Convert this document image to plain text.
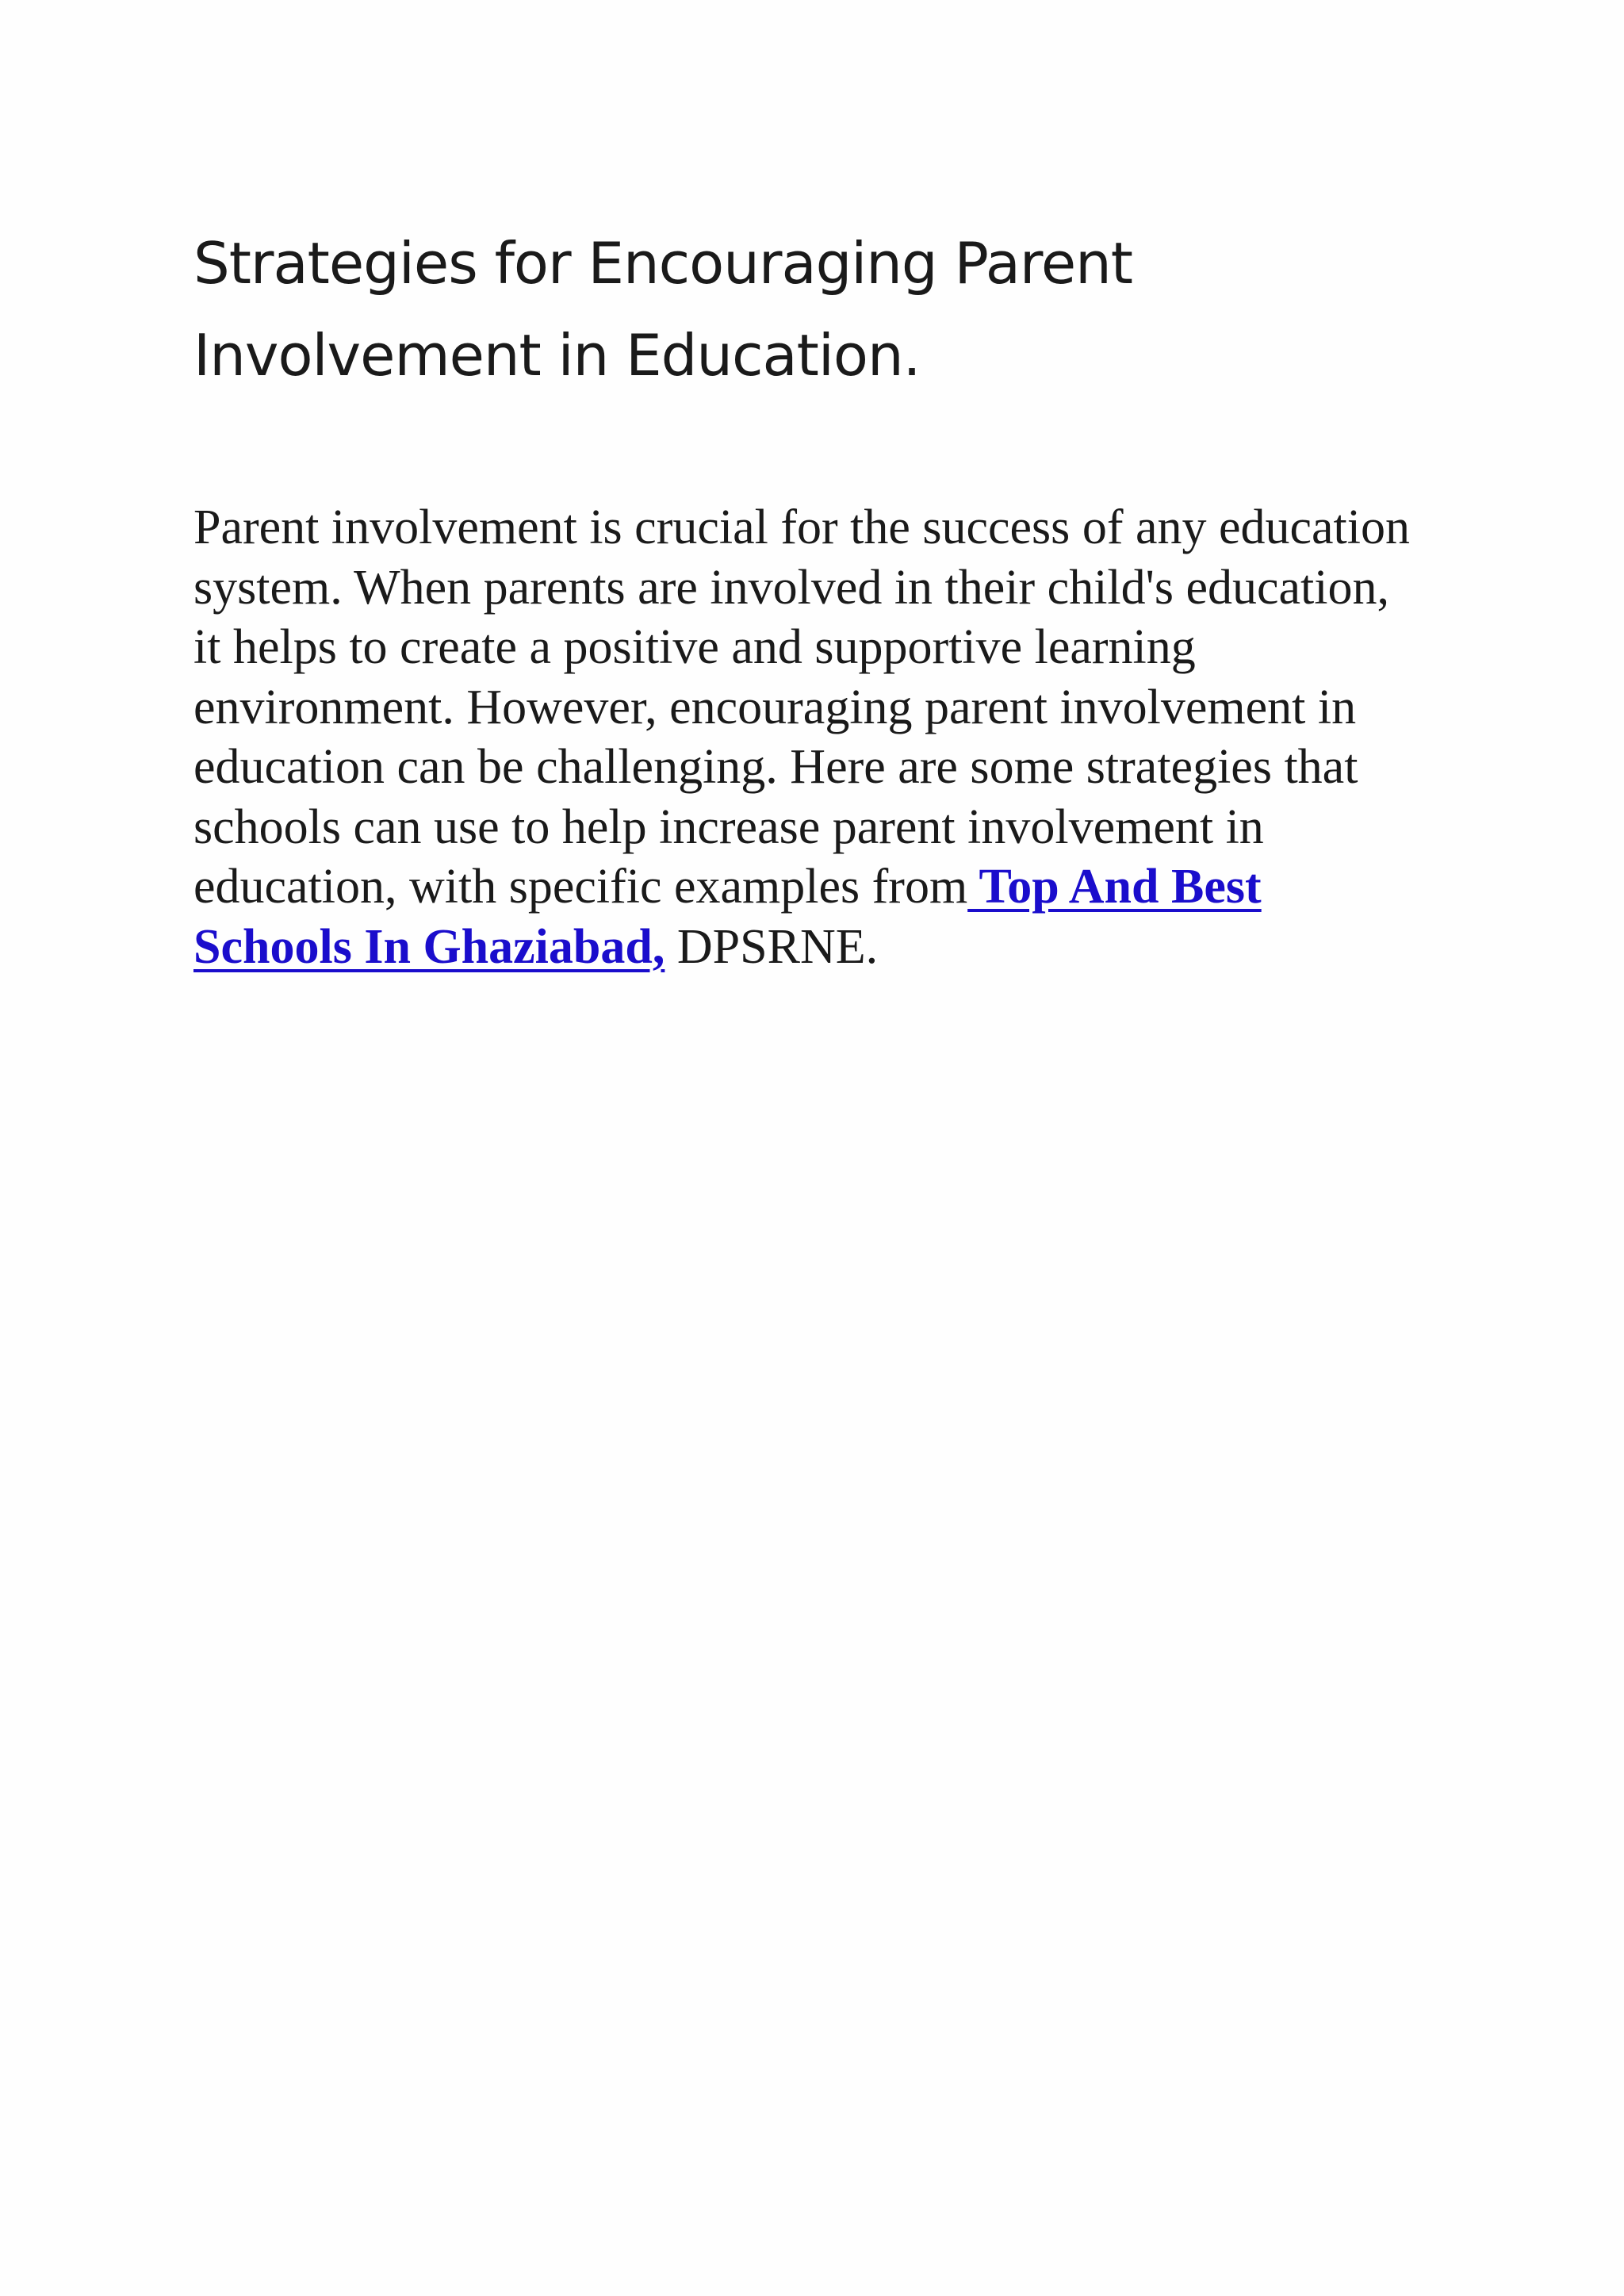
Strategies for Encouraging Parent
Involvement in Education.

Parent involvement is crucial for the success of any education
system. When parents are involved in their child's education,
it helps to create a positive and supportive learning
environment. However, encouraging parent involvement in
education can be challenging. Here are some strategies that
schools can use to help increase parent involvement in
education, with specific examples from Top And Best
Schools In Ghaziabad, DPSRNE.
